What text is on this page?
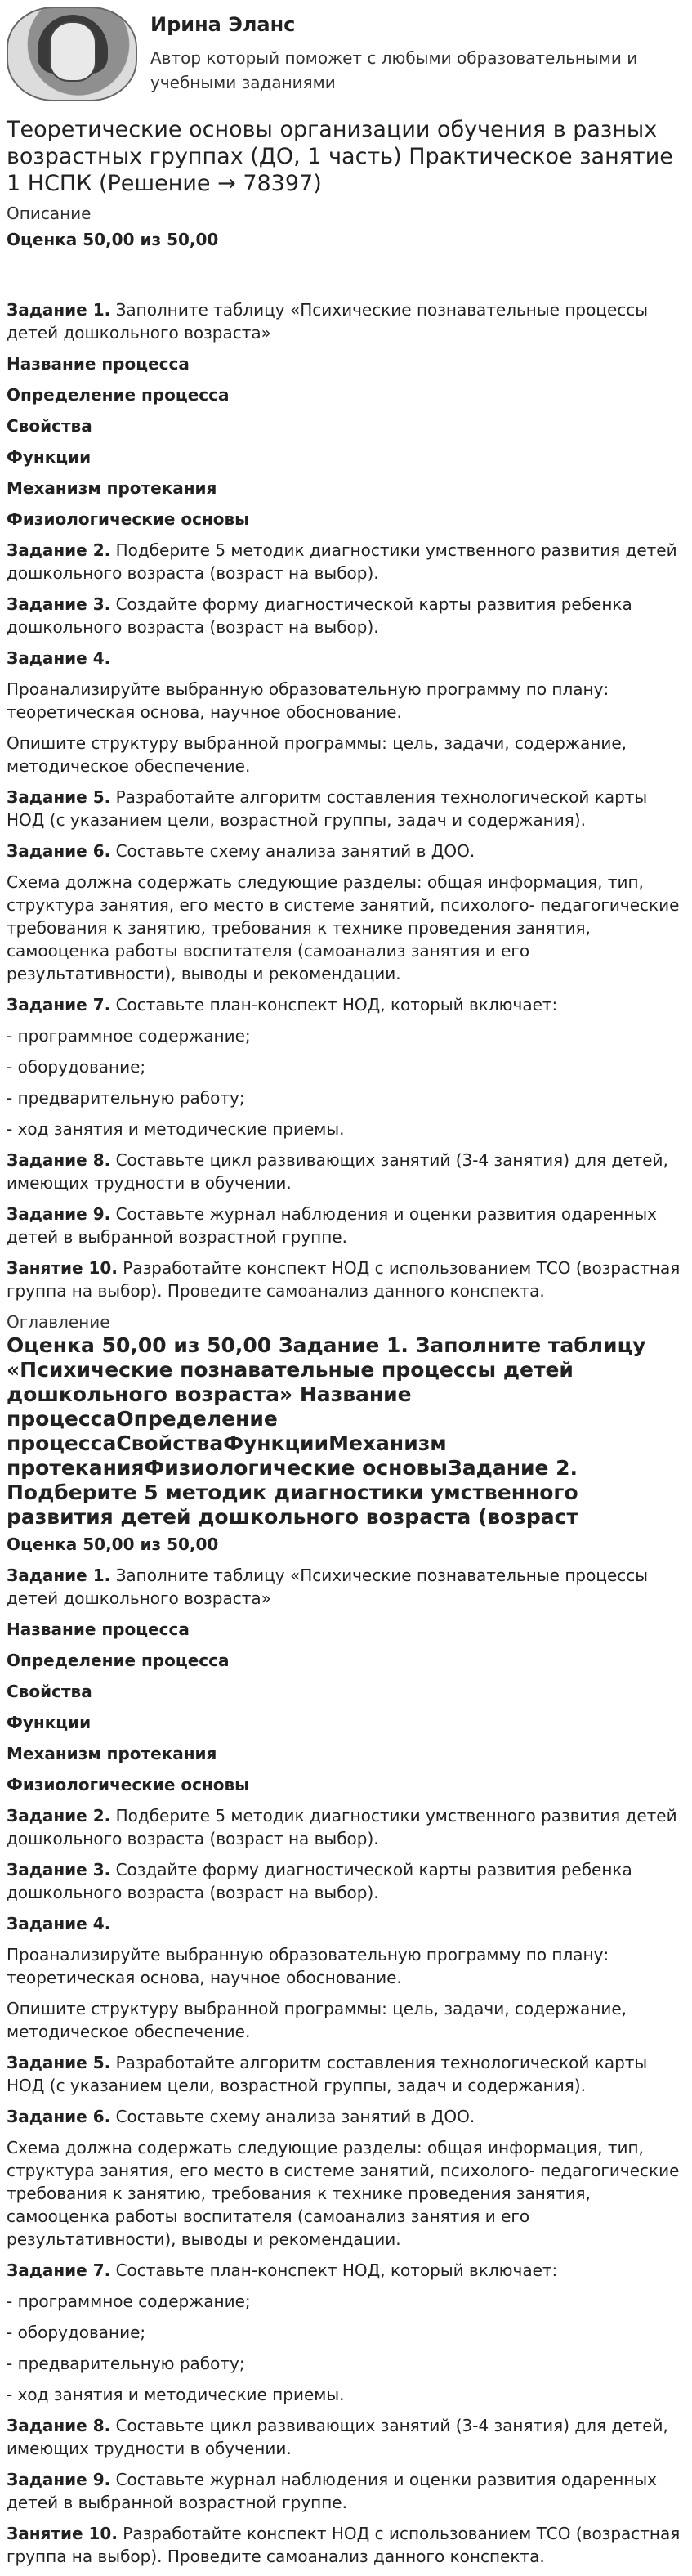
Ирина Эланс
Автор который поможет с любыми образовательными и учебными заданиями
Теоретические основы организации обучения в разных возрастных группах (ДО, 1 часть) Практическое занятие 1 НСПК (Решение → 78397)
Описание
Оценка 50,00 из 50,00

Задание 1. Заполните таблицу «Психические познавательные процессы детей дошкольного возраста»

Название процесса

Определение процесса

Свойства

Функции

Механизм протекания

Физиологические основы

Задание 2. Подберите 5 методик диагностики умственного развития детей дошкольного возраста (возраст на выбор).

Задание 3. Создайте форму диагностической карты развития ребенка дошкольного возраста (возраст на выбор).

Задание 4.

Проанализируйте выбранную образовательную программу по плану: теоретическая основа, научное обоснование.

Опишите структуру выбранной программы: цель, задачи, содержание, методическое обеспечение.

Задание 5. Разработайте алгоритм составления технологической карты НОД (с указанием цели, возрастной группы, задач и содержания).

Задание 6. Составьте схему анализа занятий в ДОО.

Схема должна содержать следующие разделы: общая информация, тип, структура занятия, его место в системе занятий, психолого- педагогические требования к занятию, требования к технике проведения занятия, самооценка работы воспитателя (самоанализ занятия и его результативности), выводы и рекомендации.

Задание 7. Составьте план-конспект НОД, который включает:

- программное содержание;

- оборудование;

- предварительную работу;

- ход занятия и методические приемы.

Задание 8. Составьте цикл развивающих занятий (3-4 занятия) для детей, имеющих трудности в обучении.

Задание 9. Составьте журнал наблюдения и оценки развития одаренных детей в выбранной возрастной группе.

Занятие 10. Разработайте конспект НОД с использованием ТСО (возрастная группа на выбор). Проведите самоанализ данного конспекта.

Оглавление
Оценка 50,00 из 50,00 Задание 1. Заполните таблицу «Психические познавательные процессы детей дошкольного возраста» Название процессаОпределение процессаСвойстваФункцииМеханизм протеканияФизиологические основыЗадание 2. Подберите 5 методик диагностики умственного развития детей дошкольного возраста (возраст
Оценка 50,00 из 50,00

Задание 1. Заполните таблицу «Психические познавательные процессы детей дошкольного возраста»

Название процесса

Определение процесса

Свойства

Функции

Механизм протекания

Физиологические основы

Задание 2. Подберите 5 методик диагностики умственного развития детей дошкольного возраста (возраст на выбор).

Задание 3. Создайте форму диагностической карты развития ребенка дошкольного возраста (возраст на выбор).

Задание 4.

Проанализируйте выбранную образовательную программу по плану: теоретическая основа, научное обоснование.

Опишите структуру выбранной программы: цель, задачи, содержание, методическое обеспечение.

Задание 5. Разработайте алгоритм составления технологической карты НОД (с указанием цели, возрастной группы, задач и содержания).

Задание 6. Составьте схему анализа занятий в ДОО.

Схема должна содержать следующие разделы: общая информация, тип, структура занятия, его место в системе занятий, психолого- педагогические требования к занятию, требования к технике проведения занятия, самооценка работы воспитателя (самоанализ занятия и его результативности), выводы и рекомендации.

Задание 7. Составьте план-конспект НОД, который включает:

- программное содержание;

- оборудование;

- предварительную работу;

- ход занятия и методические приемы.

Задание 8. Составьте цикл развивающих занятий (3-4 занятия) для детей, имеющих трудности в обучении.

Задание 9. Составьте журнал наблюдения и оценки развития одаренных детей в выбранной возрастной группе.

Занятие 10. Разработайте конспект НОД с использованием ТСО (возрастная группа на выбор). Проведите самоанализ данного конспекта.
